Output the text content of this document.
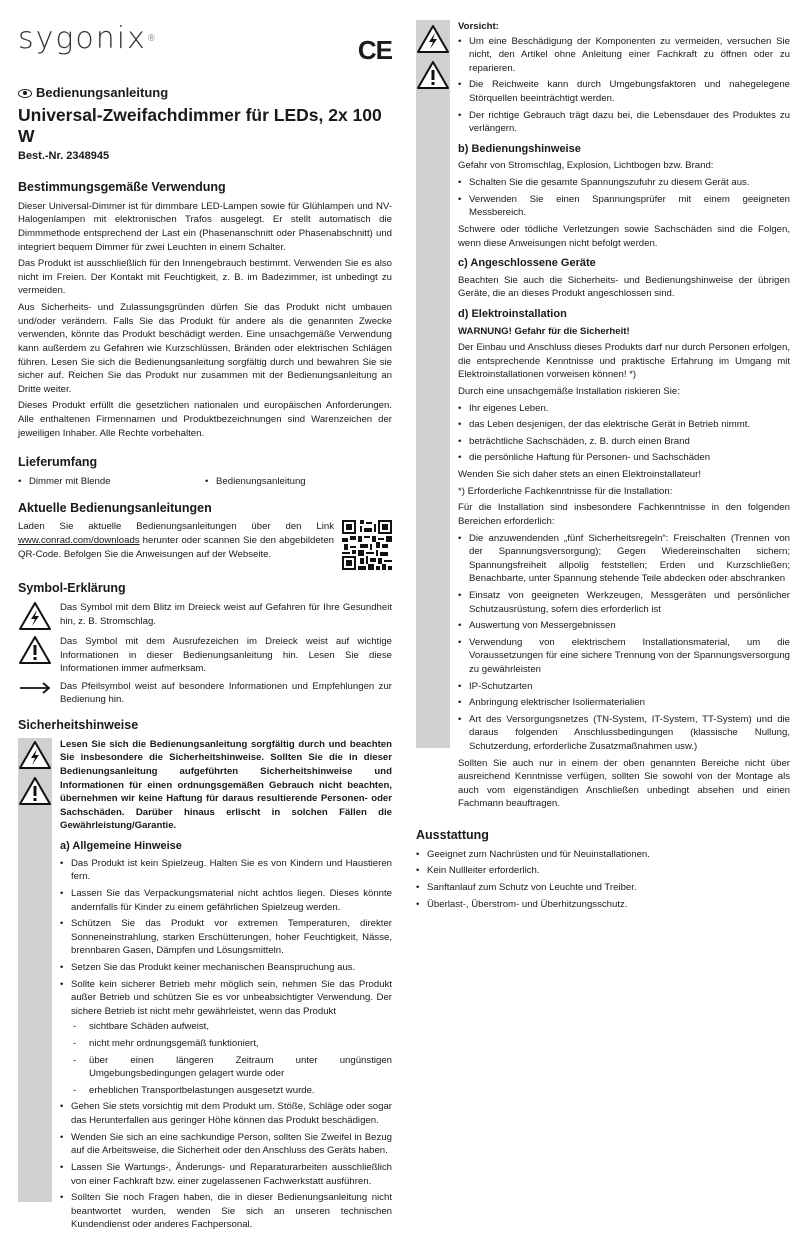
sygonix®	CE
Bedienungsanleitung
Universal-Zweifachdimmer für LEDs, 2x 100 W
Best.-Nr. 2348945
Bestimmungsgemäße Verwendung

Dieser Universal-Dimmer ist für dimmbare LED-Lampen sowie für Glühlampen und NV-Halogenlampen mit elektronischen Trafos ausgelegt. Er stellt automatisch die Dimmmethode entsprechend der Last ein (Phasenanschnitt oder Phasenabschnitt) und integriert bequem Dimmer für zwei Leuchten in einem Schalter.

Das Produkt ist ausschließlich für den Innengebrauch bestimmt. Verwenden Sie es also nicht im Freien. Der Kontakt mit Feuchtigkeit, z. B. im Badezimmer, ist unbedingt zu vermeiden.

Aus Sicherheits- und Zulassungsgründen dürfen Sie das Produkt nicht umbauen und/oder verändern. Falls Sie das Produkt für andere als die genannten Zwecke verwenden, könnte das Produkt beschädigt werden. Eine unsachgemäße Verwendung kann außerdem zu Gefahren wie Kurzschlüssen, Bränden oder elektrischen Schlägen führen. Lesen Sie sich die Bedienungsanleitung sorgfältig durch und bewahren Sie sie sicher auf. Reichen Sie das Produkt nur zusammen mit der Bedienungsanleitung an Dritte weiter.

Dieses Produkt erfüllt die gesetzlichen nationalen und europäischen Anforderungen. Alle enthaltenen Firmennamen und Produktbezeichnungen sind Warenzeichen der jeweiligen Inhaber. Alle Rechte vorbehalten.

Lieferumfang
• Dimmer mit Blende
•	Bedienungsanleitung
Aktuelle Bedienungsanleitungen

Laden Sie aktuelle Bedienungsanleitungen über den Link www.conrad.com/downloads herunter oder scannen Sie den abgebildeten QR-Code. Befolgen Sie die Anweisungen auf der Webseite.

Symbol-Erklärung

Das Symbol mit dem Blitz im Dreieck weist auf Gefahren für Ihre Gesundheit hin, z. B. Stromschlag.

Das Symbol mit dem Ausrufezeichen im Dreieck weist auf wichtige Informationen in dieser Bedienungsanleitung hin. Lesen Sie diese Informationen immer aufmerksam.

Das Pfeilsymbol weist auf besondere Informationen und Empfehlungen zur Bedienung hin.

Sicherheitshinweise

Lesen Sie sich die Bedienungsanleitung sorgfältig durch und beachten Sie insbesondere die Sicherheitshinweise. Sollten Sie die in dieser Bedienungsanleitung aufgeführten Sicherheitshinweise und Informationen für einen ordnungsgemäßen Gebrauch nicht beachten, übernehmen wir keine Haftung für daraus resultierende Personen- oder Sachschäden. Darüber hinaus erlischt in solchen Fällen die Gewährleistung/Garantie.

a) Allgemeine Hinweise
• Das Produkt ist kein Spielzeug. Halten Sie es von Kindern und Haustieren fern.
• Lassen Sie das Verpackungsmaterial nicht achtlos liegen. Dieses könnte andernfalls für Kinder zu einem gefährlichen Spielzeug werden.
• Schützen Sie das Produkt vor extremen Temperaturen, direkter Sonneneinstrahlung, starken Erschütterungen, hoher Feuchtigkeit, Nässe, brennbaren Gasen, Dämpfen und Lösungsmitteln.
• Setzen Sie das Produkt keiner mechanischen Beanspruchung aus.
• Sollte kein sicherer Betrieb mehr möglich sein, nehmen Sie das Produkt außer Betrieb und schützen Sie es vor unbeabsichtigter Verwendung. Der sichere Betrieb ist nicht mehr gewährleistet, wenn das Produkt
- sichtbare Schäden aufweist,
- nicht mehr ordnungsgemäß funktioniert,
- über einen längeren Zeitraum unter ungünstigen Umgebungsbedingungen gelagert wurde oder
- erheblichen Transportbelastungen ausgesetzt wurde.
• Gehen Sie stets vorsichtig mit dem Produkt um. Stöße, Schläge oder sogar das Herunterfallen aus geringer Höhe können das Produkt beschädigen.
• Wenden Sie sich an eine sachkundige Person, sollten Sie Zweifel in Bezug auf die Arbeitsweise, die Sicherheit oder den Anschluss des Geräts haben.
• Lassen Sie Wartungs-, Änderungs- und Reparaturarbeiten ausschließlich von einer Fachkraft bzw. einer zugelassenen Fachwerkstatt ausführen.
• Sollten Sie noch Fragen haben, die in dieser Bedienungsanleitung nicht beantwortet wurden, wenden Sie sich an unseren technischen Kundendienst oder anderes Fachpersonal.

Vorsicht:

• Um eine Beschädigung der Komponenten zu vermeiden, versuchen Sie nicht, den Artikel ohne Anleitung einer Fachkraft zu öffnen oder zu reparieren.
• Die Reichweite kann durch Umgebungsfaktoren und nahegelegene Störquellen beeinträchtigt werden.
• Der richtige Gebrauch trägt dazu bei, die Lebensdauer des Produktes zu verlängern.
b) Bedienungshinweise

Gefahr von Stromschlag, Explosion, Lichtbogen bzw. Brand:

• Schalten Sie die gesamte Spannungszufuhr zu diesem Gerät aus.
• Verwenden Sie einen Spannungsprüfer mit einem geeigneten Messbereich.

Schwere oder tödliche Verletzungen sowie Sachschäden sind die Folgen, wenn diese Anweisungen nicht befolgt werden.

c) Angeschlossene Geräte

Beachten Sie auch die Sicherheits- und Bedienungshinweise der übrigen Geräte, die an dieses Produkt angeschlossen sind.

d) Elektroinstallation

WARNUNG! Gefahr für die Sicherheit!

Der Einbau und Anschluss dieses Produkts darf nur durch Personen erfolgen, die entsprechende Kenntnisse und praktische Erfahrung im Umgang mit Elektroinstallationen vorweisen können! *)

Durch eine unsachgemäße Installation riskieren Sie:

• Ihr eigenes Leben.
• das Leben desjenigen, der das elektrische Gerät in Betrieb nimmt.
• beträchtliche Sachschäden, z. B. durch einen Brand
• die persönliche Haftung für Personen- und Sachschäden

Wenden Sie sich daher stets an einen Elektroinstallateur!

*) Erforderliche Fachkenntnisse für die Installation:

Für die Installation sind insbesondere Fachkenntnisse in den folgenden Bereichen erforderlich:

• Die anzuwendenden „fünf Sicherheitsregeln“: Freischalten (Trennen von der Spannungsversorgung); Gegen Wiedereinschalten sichern; Spannungsfreiheit allpolig feststellen; Erden und Kurzschließen; Benachbarte, unter Spannung stehende Teile abdecken oder abschranken
• Einsatz von geeigneten Werkzeugen, Messgeräten und persönlicher Schutzausrüstung, sofern dies erforderlich ist
• Auswertung von Messergebnissen
• Verwendung von elektrischem Installationsmaterial, um die Voraussetzungen für eine sichere Trennung von der Spannungsversorgung zu gewährleisten
• IP-Schutzarten
• Anbringung elektrischer Isoliermaterialien
• Art des Versorgungsnetzes (TN-System, IT-System, TT-System) und die daraus folgenden Anschlussbedingungen (klassische Nullung, Schutzerdung, erforderliche Zusatzmaßnahmen usw.)

Sollten Sie auch nur in einem der oben genannten Bereiche nicht über ausreichend Kenntnisse verfügen, sollten Sie sowohl von der Montage als auch vom eigenständigen Anschließen unbedingt absehen und einen Fachmann beauftragen.

Ausstattung
• Geeignet zum Nachrüsten und für Neuinstallationen.
• Kein Nullleiter erforderlich.
• Sanftanlauf zum Schutz von Leuchte und Treiber.
• Überlast-, Überstrom- und Überhitzungsschutz.
